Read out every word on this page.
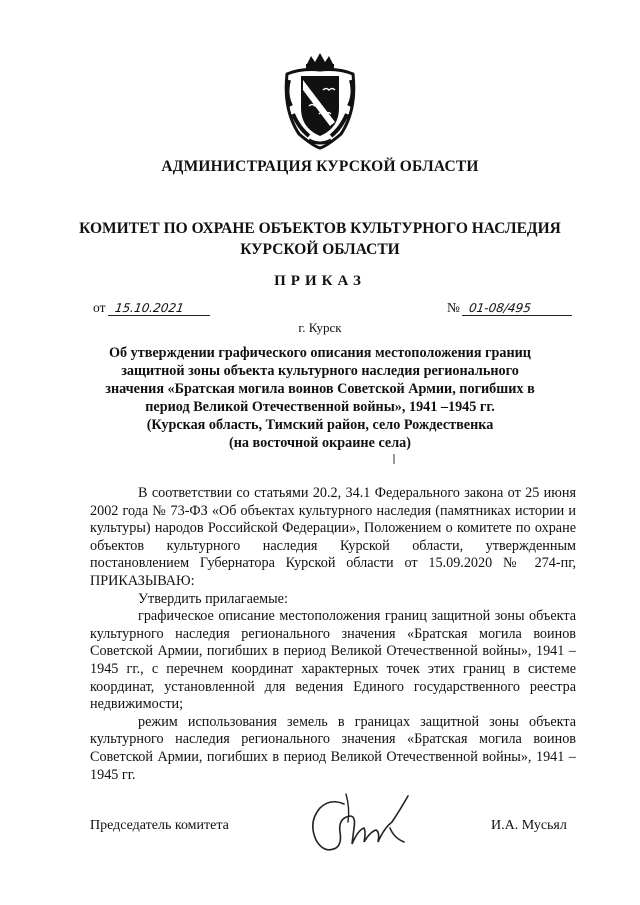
АДМИНИСТРАЦИЯ КУРСКОЙ ОБЛАСТИ
КОМИТЕТ ПО ОХРАНЕ ОБЪЕКТОВ КУЛЬТУРНОГО НАСЛЕДИЯ
КУРСКОЙ ОБЛАСТИ
ПРИКАЗ
от 15.10.2021	№ 01-08/495
г. Курск
Об утверждении графического описания местоположения границ
защитной зоны объекта культурного наследия регионального
значения «Братская могила воинов Советской Армии, погибших в
период Великой Отечественной войны», 1941 –1945 гг.
(Курская область, Тимский район, село Рождественка
(на восточной окраине села)

В соответствии со статьями 20.2, 34.1 Федерального закона от 25 июня 2002 года № 73-ФЗ «Об объектах культурного наследия (памятниках истории и культуры) народов Российской Федерации», Положением о комитете по охране объектов культурного наследия Курской области, утвержденным постановлением Губернатора Курской области от 15.09.2020 № 274-пг, ПРИКАЗЫВАЮ:

Утвердить прилагаемые:

графическое описание местоположения границ защитной зоны объекта культурного наследия регионального значения «Братская могила воинов Советской Армии, погибших в период Великой Отечественной войны», 1941 –1945 гг., с перечнем координат характерных точек этих границ в системе координат, установленной для ведения Единого государственного реестра недвижимости;

режим использования земель в границах защитной зоны объекта культурного наследия регионального значения «Братская могила воинов Советской Армии, погибших в период Великой Отечественной войны», 1941 –1945 гг.

Председатель комитета	И.А. Мусьял
